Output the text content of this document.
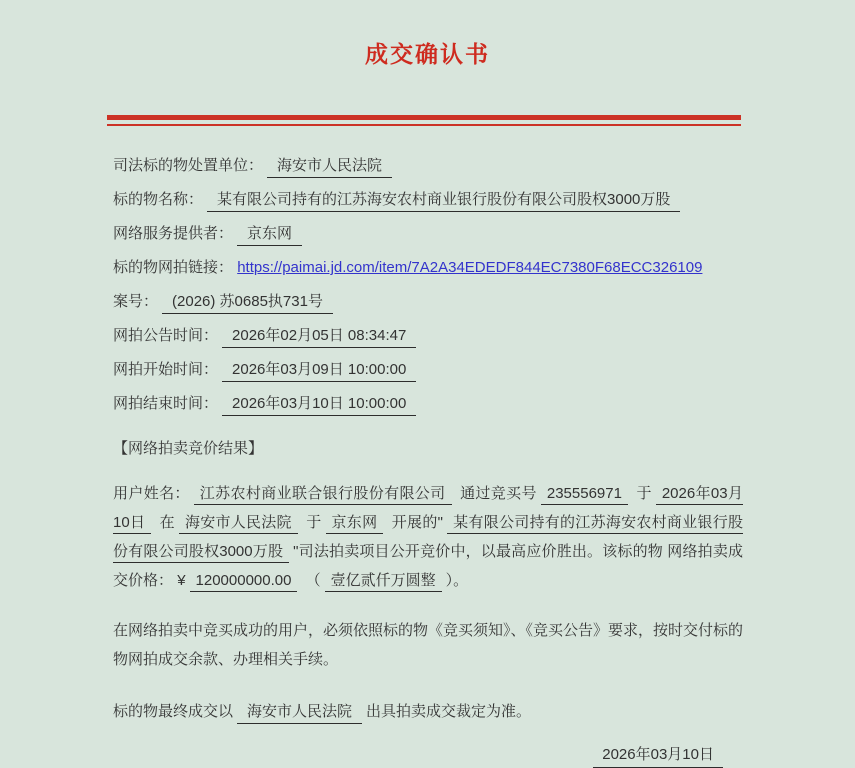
成交确认书
司法标的物处置单位： 海安市人民法院
标的物名称： 某有限公司持有的江苏海安农村商业银行股份有限公司股权3000万股
网络服务提供者： 京东网
标的物网拍链接： https://paimai.jd.com/item/7A2A34EDEDF844EC7380F68ECC326109
案号： (2026) 苏0685执731号
网拍公告时间： 2026年02月05日 08:34:47
网拍开始时间： 2026年03月09日 10:00:00
网拍结束时间： 2026年03月10日 10:00:00
【网络拍卖竞价结果】
用户姓名： 江苏农村商业联合银行股份有限公司 通过竞买号 235556971 于 2026年03月10日 在 海安市人民法院 于 京东网 开展的" 某有限公司持有的江苏海安农村商业银行股份有限公司股权3000万股 "司法拍卖项目公开竞价中，以最高应价胜出。该标的物 网络拍卖成交价格： ¥ 120000000.00 （ 壹亿贰仟万圆整 ）。
在网络拍卖中竞买成功的用户，必须依照标的物《竞买须知》、《竞买公告》要求，按时交付标的物网拍成交余款、办理相关手续。
标的物最终成交以 海安市人民法院 出具拍卖成交裁定为准。
2026年03月10日
